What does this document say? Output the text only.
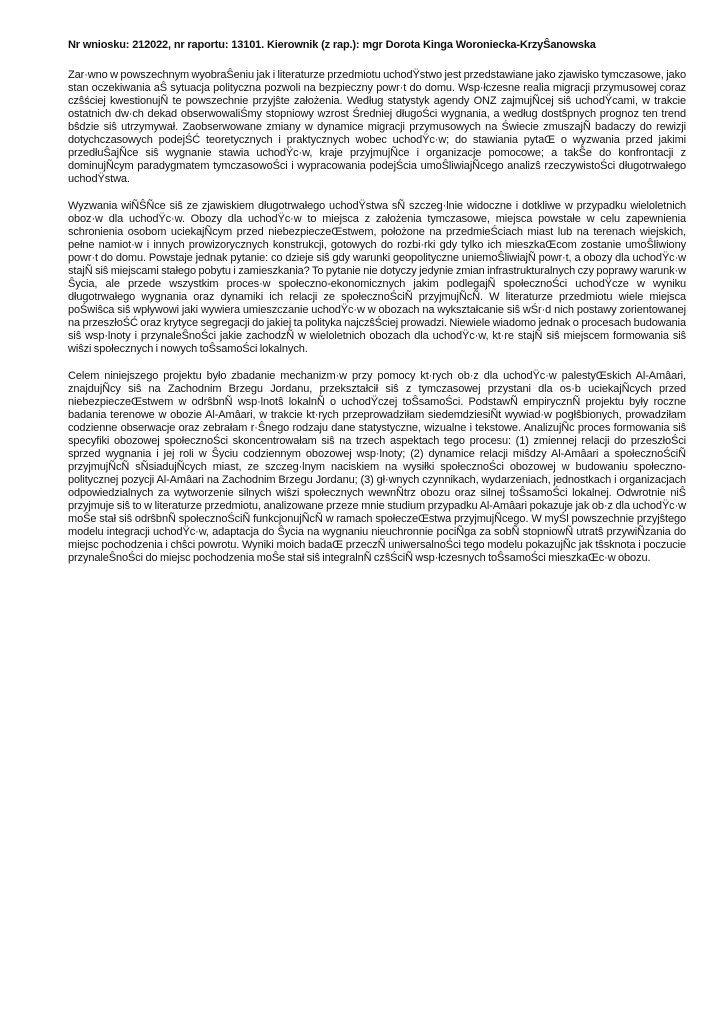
Nr wniosku: 212022, nr raportu: 13101. Kierownik (z rap.): mgr Dorota Kinga Woroniecka-KrzyŜanowska

Zar·wno w powszechnym wyobraŜeniu jak i literaturze przedmiotu uchodŸstwo jest przedstawiane jako zjawisko tymczasowe, jako stan oczekiwania aŜ sytuacja polityczna pozwoli na bezpieczny powr·t do domu. Wsp·łczesne realia migracji przymusowej coraz czŝściej kwestionujÑ te powszechnie przyjŝte założenia. Według statystyk agendy ONZ zajmujÑcej siŝ uchodŸcami, w trakcie ostatnich dw·ch dekad obserwowaliŚmy stopniowy wzrost Średniej długoŚci wygnania, a według dostŝpnych prognoz ten trend bŝdzie siŝ utrzymywał. Zaobserwowane zmiany w dynamice migracji przymusowych na Świecie zmuszajÑ badaczy do rewizji dotychczasowych podejŚĆ teoretycznych i praktycznych wobec uchodŸc·w; do stawiania pytaŒ o wyzwania przed jakimi przedłuŜajÑce siŝ wygnanie stawia uchodŸc·w, kraje przyjmujÑce i organizacje pomocowe; a takŜe do konfrontacji z dominujÑcym paradygmatem tymczasowoŚci i wypracowania podejŚcia umoŜliwiajÑcego analizŝ rzeczywistoŚci długotrwałego uchodŸstwa.

Wyzwania wiÑŜÑce siŝ ze zjawiskiem długotrwałego uchodŸstwa sÑ szczeg·lnie widoczne i dotkliwe w przypadku wieloletnich oboz·w dla uchodŸc·w. Obozy dla uchodŸc·w to miejsca z założenia tymczasowe, miejsca powstałe w celu zapewnienia schronienia osobom uciekajÑcym przed niebezpieczeŒstwem, położone na przedmieŚciach miast lub na terenach wiejskich, pełne namiot·w i innych prowizorycznych konstrukcji, gotowych do rozbi·rki gdy tylko ich mieszkaŒcom zostanie umoŜliwiony powr·t do domu. Powstaje jednak pytanie: co dzieje siŝ gdy warunki geopolityczne uniemoŜliwiajÑ powr·t, a obozy dla uchodŸc·w stajÑ siŝ miejscami stałego pobytu i zamieszkania? To pytanie nie dotyczy jedynie zmian infrastrukturalnych czy poprawy warunk·w Ŝycia, ale przede wszystkim proces·w społeczno-ekonomicznych jakim podlegajÑ społecznoŚci uchodŸcze w wyniku długotrwałego wygnania oraz dynamiki ich relacji ze społecznoŚciÑ przyjmujÑcÑ. W literaturze przedmiotu wiele miejsca poŚwiŝca siŝ wpływowi jaki wywiera umieszczanie uchodŸc·w w obozach na wykształcanie siŝ wŚr·d nich postawy zorientowanej na przeszłoŚĆ oraz krytyce segregacji do jakiej ta polityka najczŝŚciej prowadzi. Niewiele wiadomo jednak o procesach budowania siŝ wsp·lnoty i przynaleŜnoŚci jakie zachodzÑ w wieloletnich obozach dla uchodŸc·w, kt·re stajÑ siŝ miejscem formowania siŝ wiŝzi społecznych i nowych toŜsamoŚci lokalnych.

Celem niniejszego projektu było zbadanie mechanizm·w przy pomocy kt·rych ob·z dla uchodŸc·w palestyŒskich Al-Amâari, znajdujÑcy siŝ na Zachodnim Brzegu Jordanu, przekształcił siŝ z tymczasowej przystani dla os·b uciekajÑcych przed niebezpieczeŒstwem w odrŝbnÑ wsp·lnotŝ lokalnÑ o uchodŸczej toŜsamoŚci. PodstawÑ empirycznÑ projektu były roczne badania terenowe w obozie Al-Amâari, w trakcie kt·rych przeprowadziłam siedemdziesiÑt wywiad·w pogłŝbionych, prowadziłam codzienne obserwacje oraz zebrałam r·Ŝnego rodzaju dane statystyczne, wizualne i tekstowe. AnalizujÑc proces formowania siŝ specyfiki obozowej społecznoŚci skoncentrowałam siŝ na trzech aspektach tego procesu: (1) zmiennej relacji do przeszłoŚci sprzed wygnania i jej roli w Ŝyciu codziennym obozowej wsp·lnoty; (2) dynamice relacji miŝdzy Al-Amâari a społecznoŚciÑ przyjmujÑcÑ sÑsiadujÑcych miast, ze szczeg·lnym naciskiem na wysiłki społecznoŚci obozowej w budowaniu społeczno-politycznej pozycji Al-Amâari na Zachodnim Brzegu Jordanu; (3) gł·wnych czynnikach, wydarzeniach, jednostkach i organizacjach odpowiedzialnych za wytworzenie silnych wiŝzi społecznych wewnÑtrz obozu oraz silnej toŜsamoŚci lokalnej. Odwrotnie niŜ przyjmuje siŝ to w literaturze przedmiotu, analizowane przeze mnie studium przypadku Al-Amâari pokazuje jak ob·z dla uchodŸc·w moŜe stał siŝ odrŝbnÑ społecznoŚciÑ funkcjonujÑcÑ w ramach społeczeŒstwa przyjmujÑcego. W myŚl powszechnie przyjŝtego modelu integracji uchodŸc·w, adaptacja do Ŝycia na wygnaniu nieuchronnie pociÑga za sobÑ stopniowÑ utratŝ przywiÑzania do miejsc pochodzenia i chŝci powrotu. Wyniki moich badaŒ przeczÑ uniwersalnoŚci tego modelu pokazujÑc jak tŝsknota i poczucie przynaleŜnoŚci do miejsc pochodzenia moŜe stał siŝ integralnÑ czŝŚciÑ wsp·łczesnych toŜsamoŚci mieszkaŒc·w obozu.
